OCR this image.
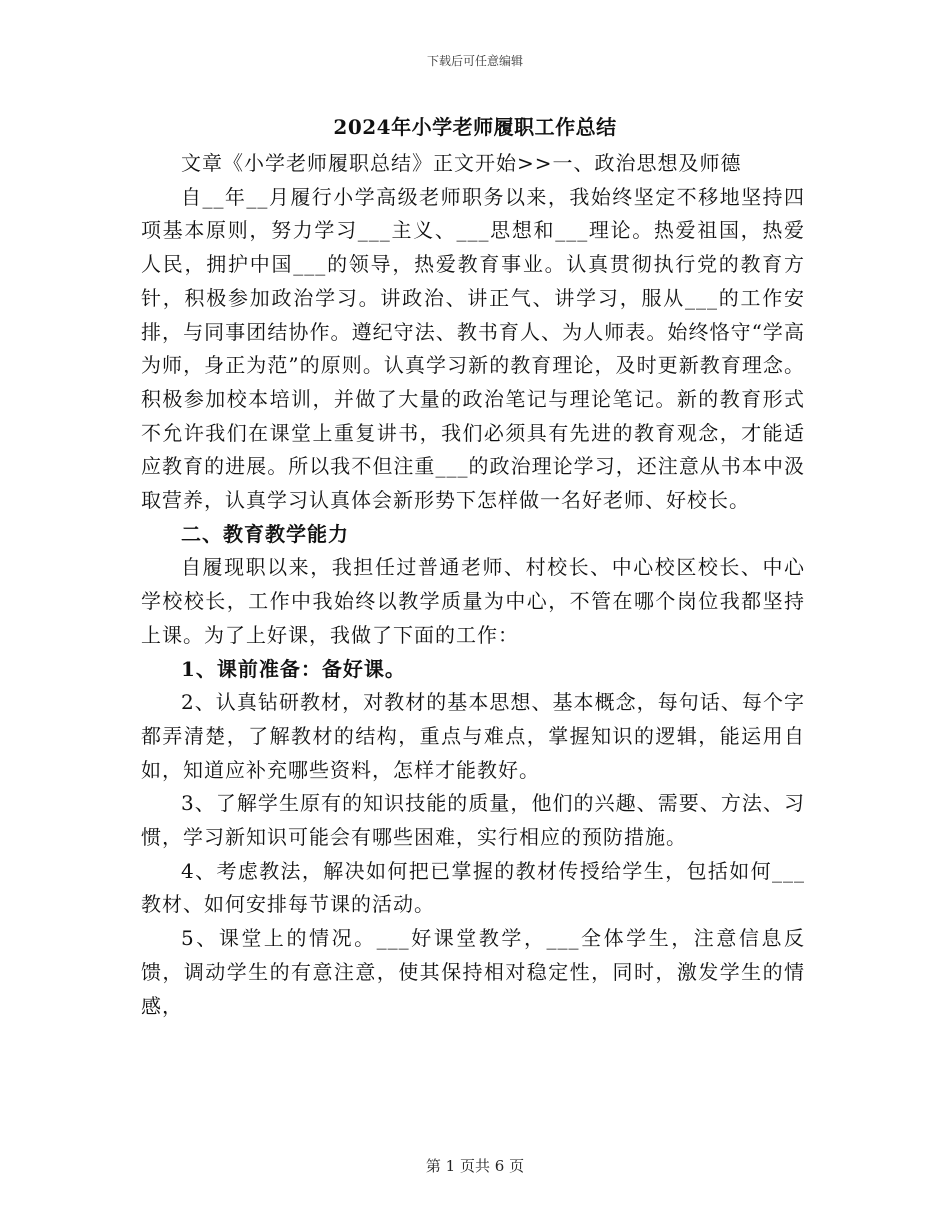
下载后可任意编辑
2024年小学老师履职工作总结

文章《小学老师履职总结》正文开始>>一、政治思想及师德

自__年__月履行小学高级老师职务以来，我始终坚定不移地坚持四项基本原则，努力学习___主义、___思想和___理论。热爱祖国，热爱人民，拥护中国___的领导，热爱教育事业。认真贯彻执行党的教育方针，积极参加政治学习。讲政治、讲正气、讲学习，服从___的工作安排，与同事团结协作。遵纪守法、教书育人、为人师表。始终恪守“学高为师，身正为范”的原则。认真学习新的教育理论，及时更新教育理念。积极参加校本培训，并做了大量的政治笔记与理论笔记。新的教育形式不允许我们在课堂上重复讲书，我们必须具有先进的教育观念，才能适应教育的进展。所以我不但注重___的政治理论学习，还注意从书本中汲取营养，认真学习认真体会新形势下怎样做一名好老师、好校长。

二、教育教学能力

自履现职以来，我担任过普通老师、村校长、中心校区校长、中心学校校长，工作中我始终以教学质量为中心，不管在哪个岗位我都坚持上课。为了上好课，我做了下面的工作：

1、课前准备：备好课。

2、认真钻研教材，对教材的基本思想、基本概念，每句话、每个字都弄清楚，了解教材的结构，重点与难点，掌握知识的逻辑，能运用自如，知道应补充哪些资料，怎样才能教好。

3、了解学生原有的知识技能的质量，他们的兴趣、需要、方法、习惯，学习新知识可能会有哪些困难，实行相应的预防措施。

4、考虑教法，解决如何把已掌握的教材传授给学生，包括如何___教材、如何安排每节课的活动。

5、课堂上的情况。___好课堂教学，___全体学生，注意信息反馈，调动学生的有意注意，使其保持相对稳定性，同时，激发学生的情感，

第 1 页共 6 页
